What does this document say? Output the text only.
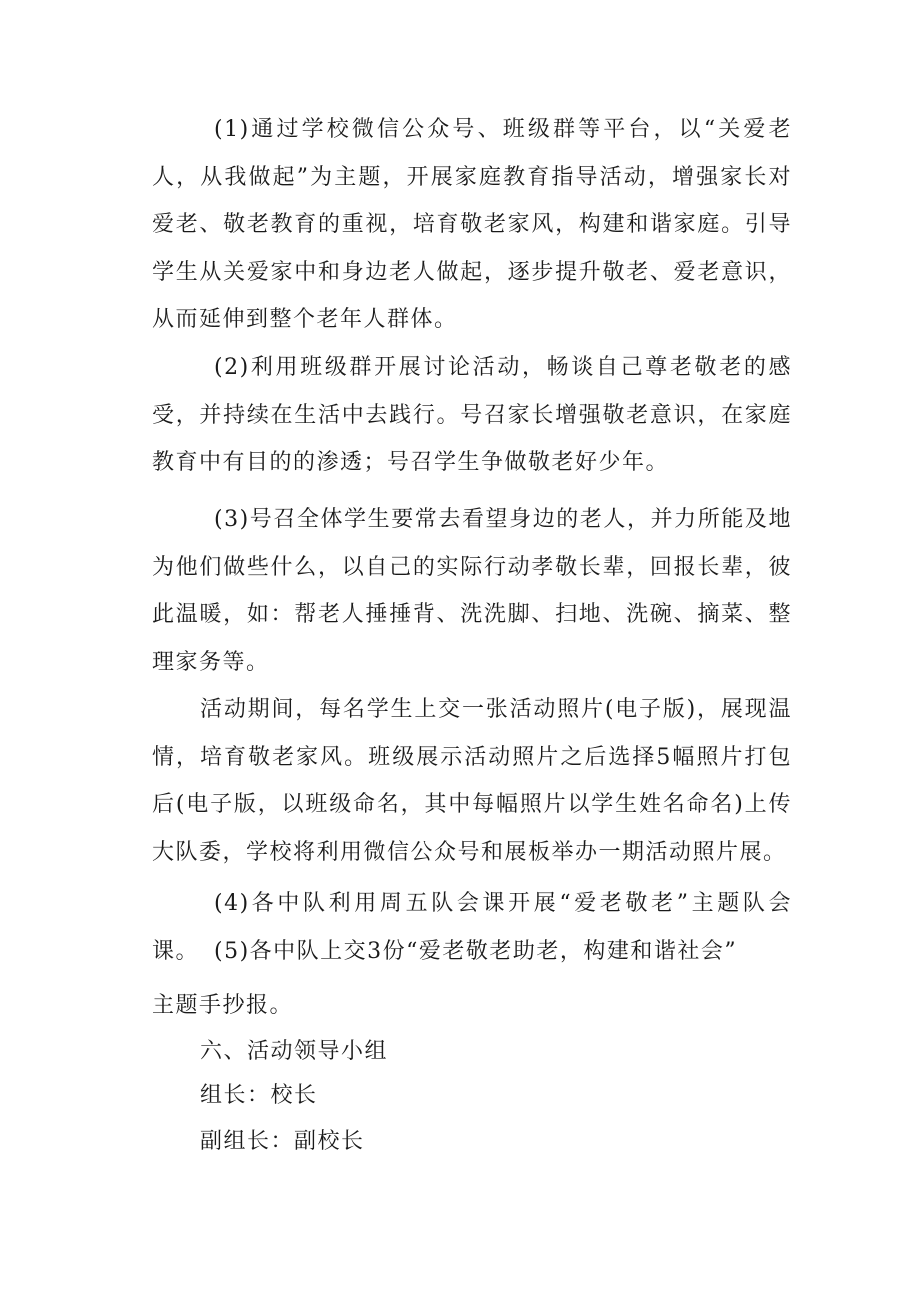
(1)通过学校微信公众号、班级群等平台，以“关爱老人，从我做起”为主题，开展家庭教育指导活动，增强家长对爱老、敬老教育的重视，培育敬老家风，构建和谐家庭。引导学生从关爱家中和身边老人做起，逐步提升敬老、爱老意识，从而延伸到整个老年人群体。

(2)利用班级群开展讨论活动，畅谈自己尊老敬老的感受，并持续在生活中去践行。号召家长增强敬老意识，在家庭教育中有目的的渗透；号召学生争做敬老好少年。

(3)号召全体学生要常去看望身边的老人，并力所能及地为他们做些什么，以自己的实际行动孝敬长辈，回报长辈，彼此温暖，如：帮老人捶捶背、洗洗脚、扫地、洗碗、摘菜、整理家务等。

活动期间，每名学生上交一张活动照片(电子版)，展现温情，培育敬老家风。班级展示活动照片之后选择5幅照片打包后(电子版，以班级命名，其中每幅照片以学生姓名命名)上传大队委，学校将利用微信公众号和展板举办一期活动照片展。

(4)各中队利用周五队会课开展“爱老敬老”主题队会课。 (5)各中队上交3份“爱老敬老助老，构建和谐社会”

主题手抄报。

六、活动领导小组

组长：校长

副组长：副校长
